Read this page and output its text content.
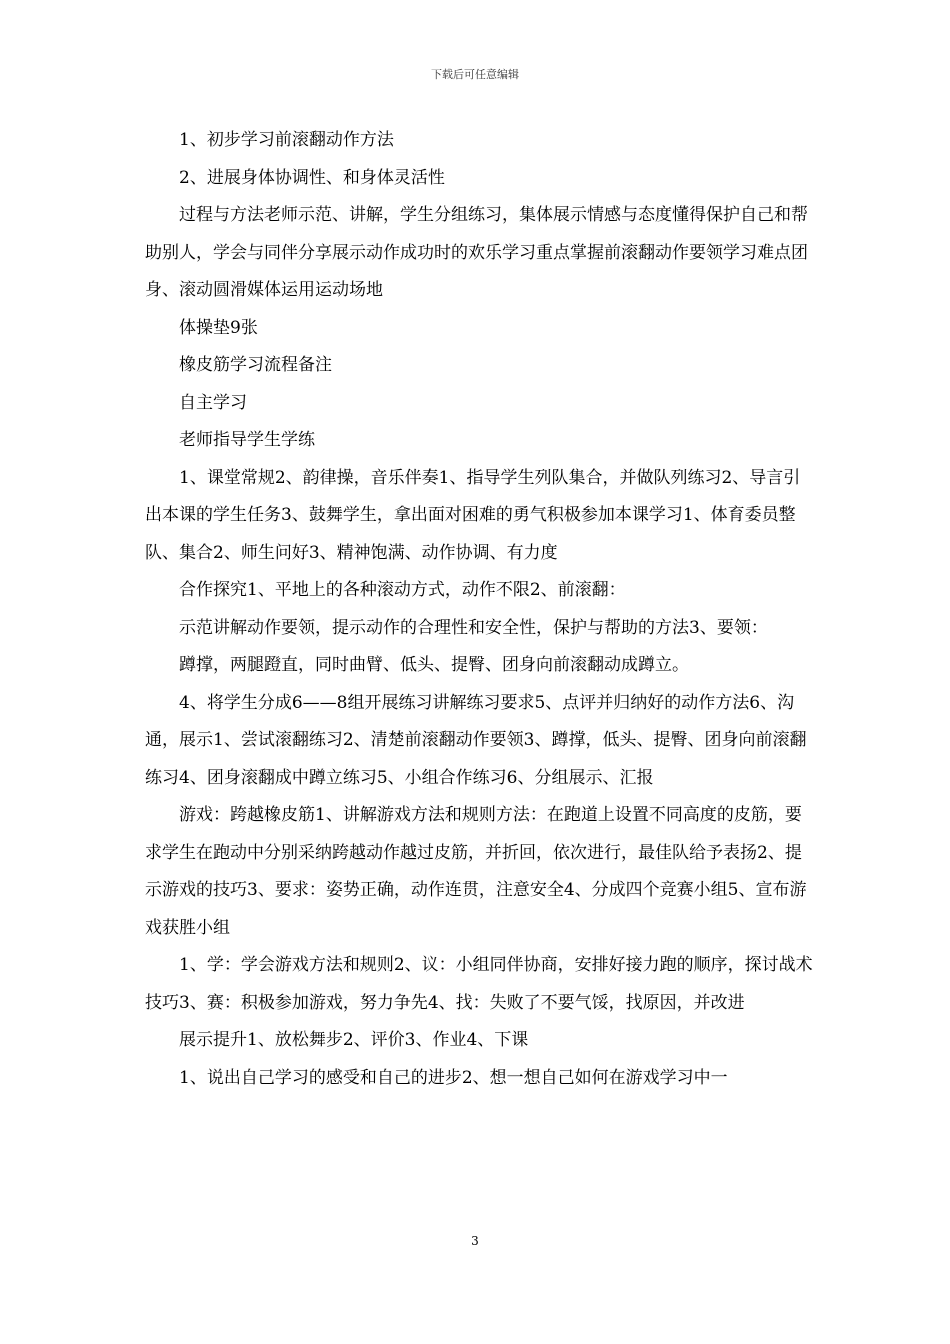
下载后可任意编辑

1、初步学习前滚翻动作方法

2、进展身体协调性、和身体灵活性

过程与方法老师示范、讲解，学生分组练习，集体展示情感与态度懂得保护自己和帮助别人，学会与同伴分享展示动作成功时的欢乐学习重点掌握前滚翻动作要领学习难点团身、滚动圆滑媒体运用运动场地

体操垫9张

橡皮筋学习流程备注

自主学习

老师指导学生学练

1、课堂常规2、韵律操，音乐伴奏1、指导学生列队集合，并做队列练习2、导言引出本课的学生任务3、鼓舞学生，拿出面对困难的勇气积极参加本课学习1、体育委员整队、集合2、师生问好3、精神饱满、动作协调、有力度

合作探究1、平地上的各种滚动方式，动作不限2、前滚翻：

示范讲解动作要领，提示动作的合理性和安全性，保护与帮助的方法3、要领：

蹲撑，两腿蹬直，同时曲臂、低头、提臀、团身向前滚翻动成蹲立。

4、将学生分成6——8组开展练习讲解练习要求5、点评并归纳好的动作方法6、沟通，展示1、尝试滚翻练习2、清楚前滚翻动作要领3、蹲撑，低头、提臀、团身向前滚翻练习4、团身滚翻成中蹲立练习5、小组合作练习6、分组展示、汇报

游戏：跨越橡皮筋1、讲解游戏方法和规则方法：在跑道上设置不同高度的皮筋，要求学生在跑动中分别采纳跨越动作越过皮筋，并折回，依次进行，最佳队给予表扬2、提示游戏的技巧3、要求：姿势正确，动作连贯，注意安全4、分成四个竞赛小组5、宣布游戏获胜小组

1、学：学会游戏方法和规则2、议：小组同伴协商，安排好接力跑的顺序，探讨战术技巧3、赛：积极参加游戏，努力争先4、找：失败了不要气馁，找原因，并改进

展示提升1、放松舞步2、评价3、作业4、下课

1、说出自己学习的感受和自己的进步2、想一想自己如何在游戏学习中一

3
